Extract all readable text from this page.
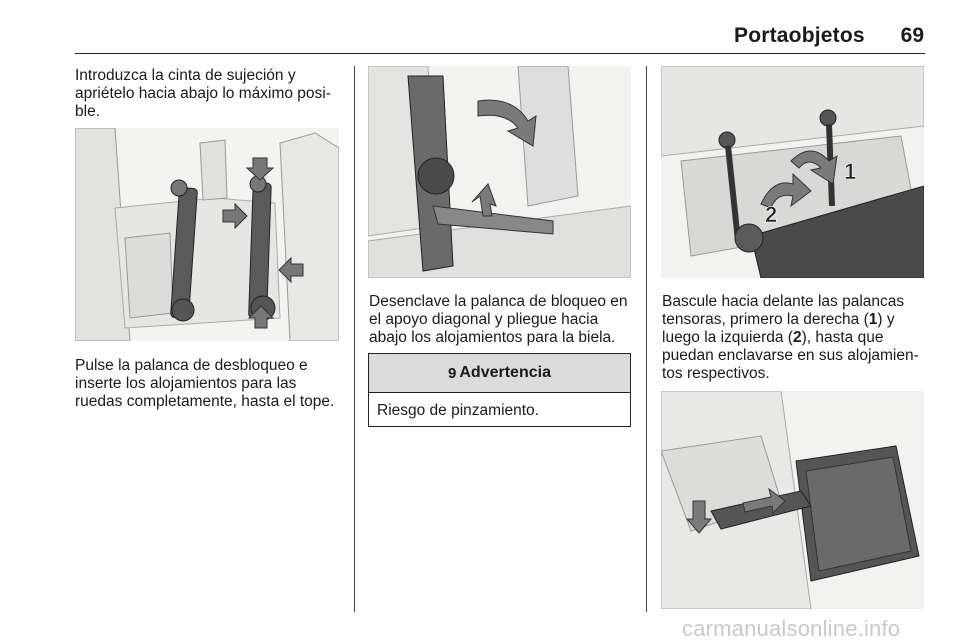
Portaobjetos	69

Introduzca la cinta de sujeción y
apriételo hacia abajo lo máximo posi-
ble.

Pulse la palanca de desbloqueo e
inserte los alojamientos para las
ruedas completamente, hasta el tope.

Desenclave la palanca de bloqueo en
el apoyo diagonal y pliegue hacia
abajo los alojamientos para la biela.

9 Advertencia
Riesgo de pinzamiento.
1
2

Bascule hacia delante las palancas
tensoras, primero la derecha (1) y
luego la izquierda (2), hasta que
puedan enclavarse en sus alojamien-
tos respectivos.

carmanualsonline.info
